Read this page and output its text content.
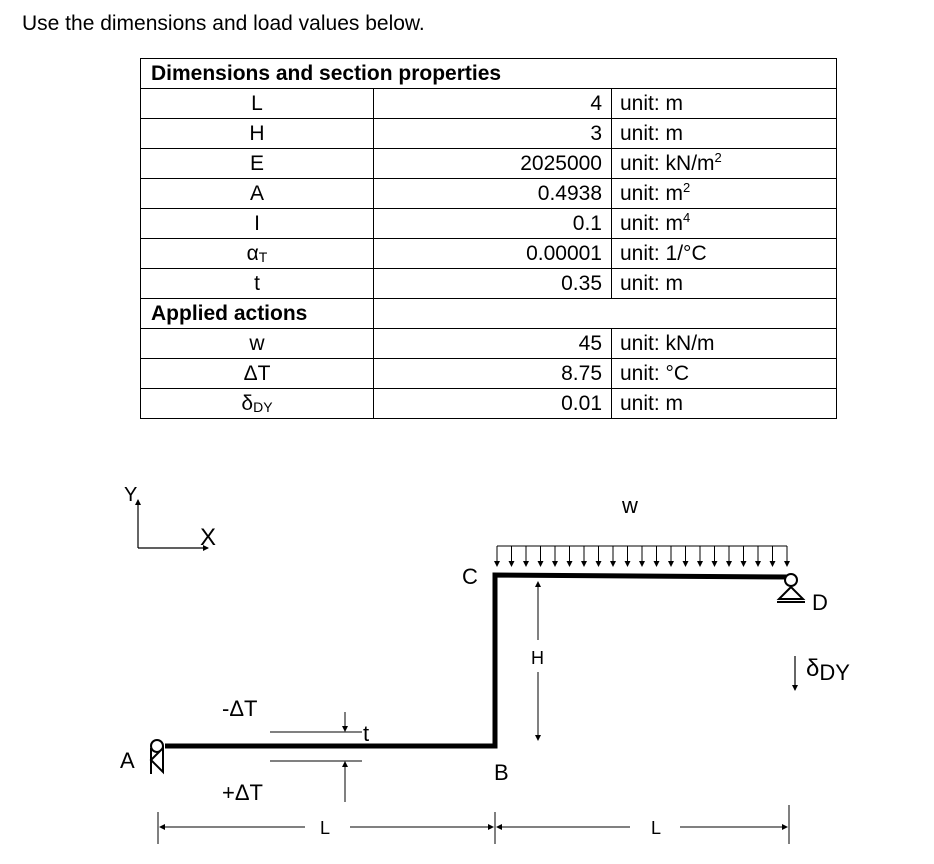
Use the dimensions and load values below.
Dimensions and section properties		
L	4	unit: m
H	3	unit: m
E	2025000	unit: $kN/m^2$
A	0.4938	unit: $m^2$
I	0.1	unit: $m^4$
$\alpha_T$	0.00001	unit: 1/°C
t	0.35	unit: m
Applied actions		
w	45	unit: kN/m
ΔT	8.75	unit: °C
$\delta_{DY}$	0.01	unit: m
Y
X
A
D
C
B
w
H
t
-ΔT
+ΔT
δDY
L	L
